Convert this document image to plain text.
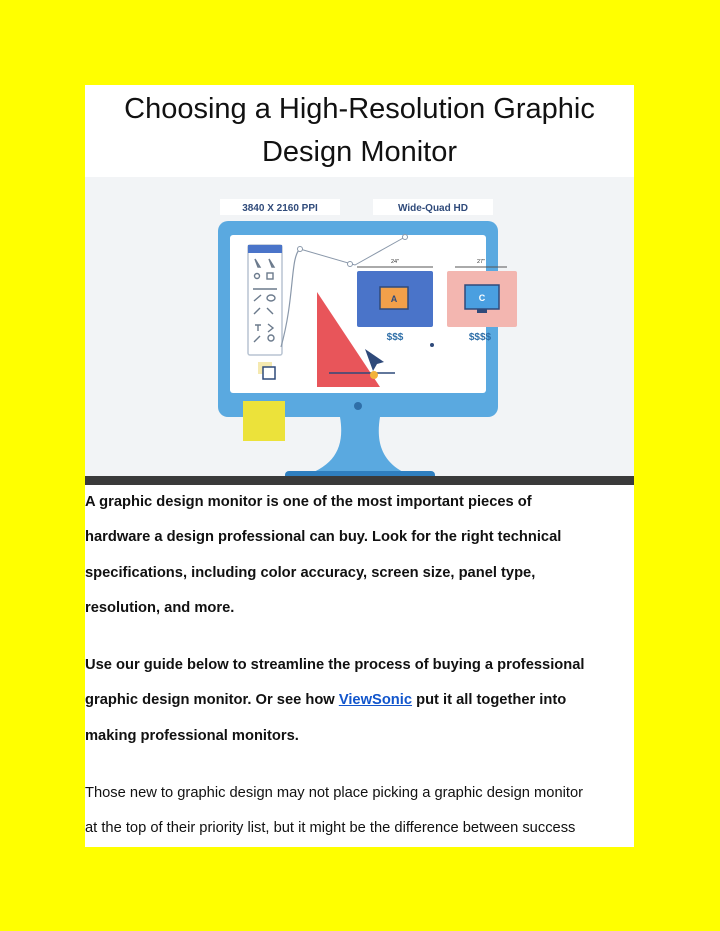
Choosing a High-Resolution Graphic
Design Monitor
24"	27"
A
$$$
C
$$$$
3840 X 2160 PPI	Wide-Quad HD

A graphic design monitor is one of the most important pieces of
hardware a design professional can buy. Look for the right technical
specifications, including color accuracy, screen size, panel type,
resolution, and more.

Use our guide below to streamline the process of buying a professional
graphic design monitor. Or see how ViewSonic put it all together into
making professional monitors.

Those new to graphic design may not place picking a graphic design monitor
at the top of their priority list, but it might be the difference between success
